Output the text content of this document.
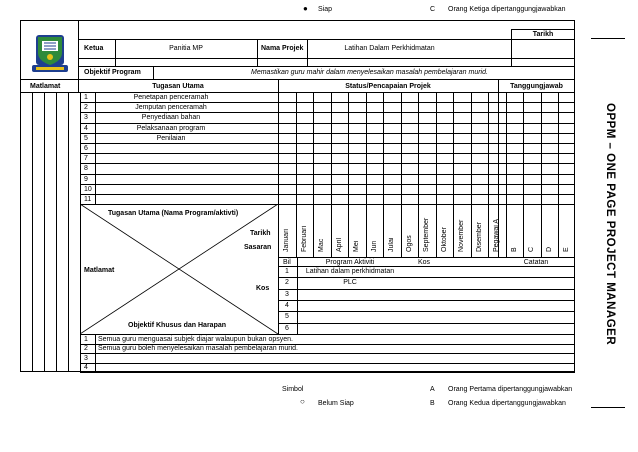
● Siap	C Orang Ketiga dipertanggungjawabkan
Ketua	Panitia MP	Nama Projek	Latihan Dalam Perkhidmatan
Tarikh
Objektif Program	Memastikan guru mahir dalam menyelesaikan masalah pembelajaran murid.
Matlamat	Tugasan Utama	Status/Pencapaian Projek	Tanggungjawab
1	Penetapan penceramah
2	Jemputan penceramah
3	Penyediaan bahan
4	Pelaksanaan program
5	Penilaian
6
7
8
9
10
11
Januari Februari Mac April Mei Jun Julai Ogos September Oktober November Disember Pegawai A B C D E
Tugasan Utama (Nama Program/aktivti)
Tarikh
Sasaran
Matlamat
Kos
Objektif Khusus dan Harapan
Bil	Program Aktiviti	Kos	Catatan
1	Latihan dalam perkhidmatan
2	PLC
3
4
5
6
1 Semua guru menguasai subjek diajar walaupun bukan opsyen.
2 Semua guru boleh menyelesaikan masalah pembelajaran murid.
3
4
OPPM – ONE PAGE PROJECT MANAGER
Simbol
○ Belum Siap
A Orang Pertama dipertanggungjawabkan
B Orang Kedua dipertanggungjawabkan
